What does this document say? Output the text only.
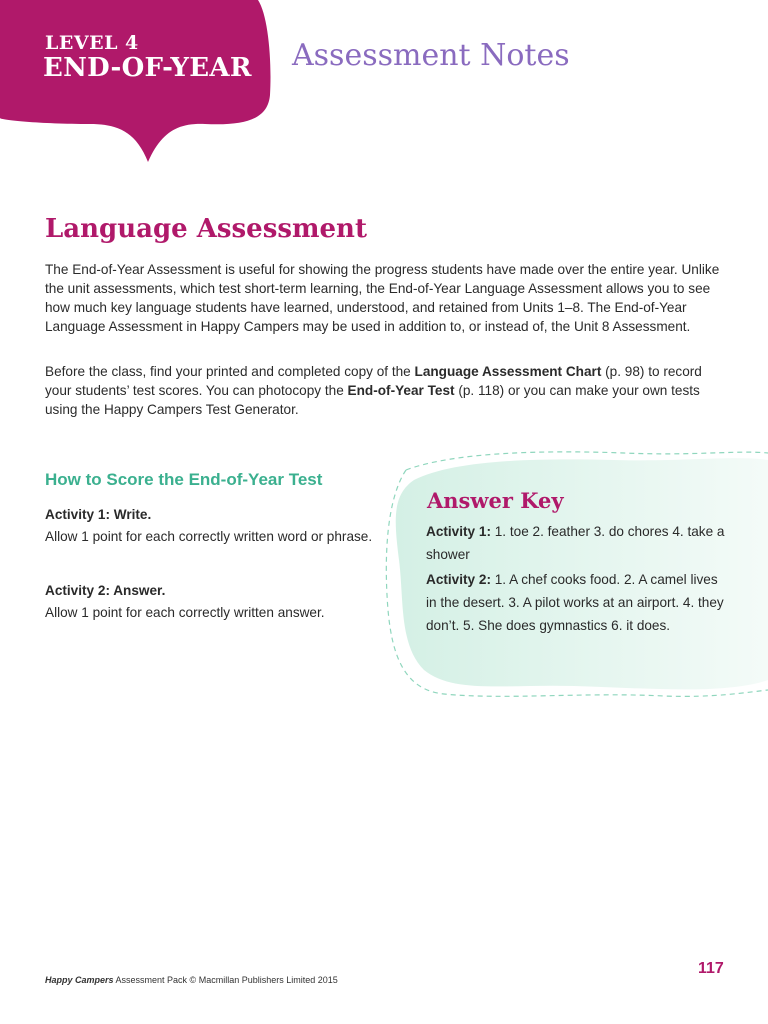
LEVEL 4
END-OF-YEAR Assessment Notes
Language Assessment

The End-of-Year Assessment is useful for showing the progress students have made over the entire year. Unlike the unit assessments, which test short-term learning, the End-of-Year Language Assessment allows you to see how much key language students have learned, understood, and retained from Units 1–8. The End-of-Year Language Assessment in Happy Campers may be used in addition to, or instead of, the Unit 8 Assessment.

Before the class, find your printed and completed copy of the Language Assessment Chart (p. 98) to record your students’ test scores. You can photocopy the End-of-Year Test (p. 118) or you can make your own tests using the Happy Campers Test Generator.

How to Score the End-of-Year Test
Activity 1: Write.
Allow 1 point for each correctly written word or phrase.
Activity 2: Answer.
Allow 1 point for each correctly written answer.
Answer Key

Activity 1: 1. toe 2. feather 3. do chores 4. take a shower

Activity 2: 1. A chef cooks food. 2. A camel lives in the desert. 3. A pilot works at an airport. 4. they don’t. 5. She does gymnastics 6. it does.

Happy Campers Assessment Pack © Macmillan Publishers Limited 2015
117
